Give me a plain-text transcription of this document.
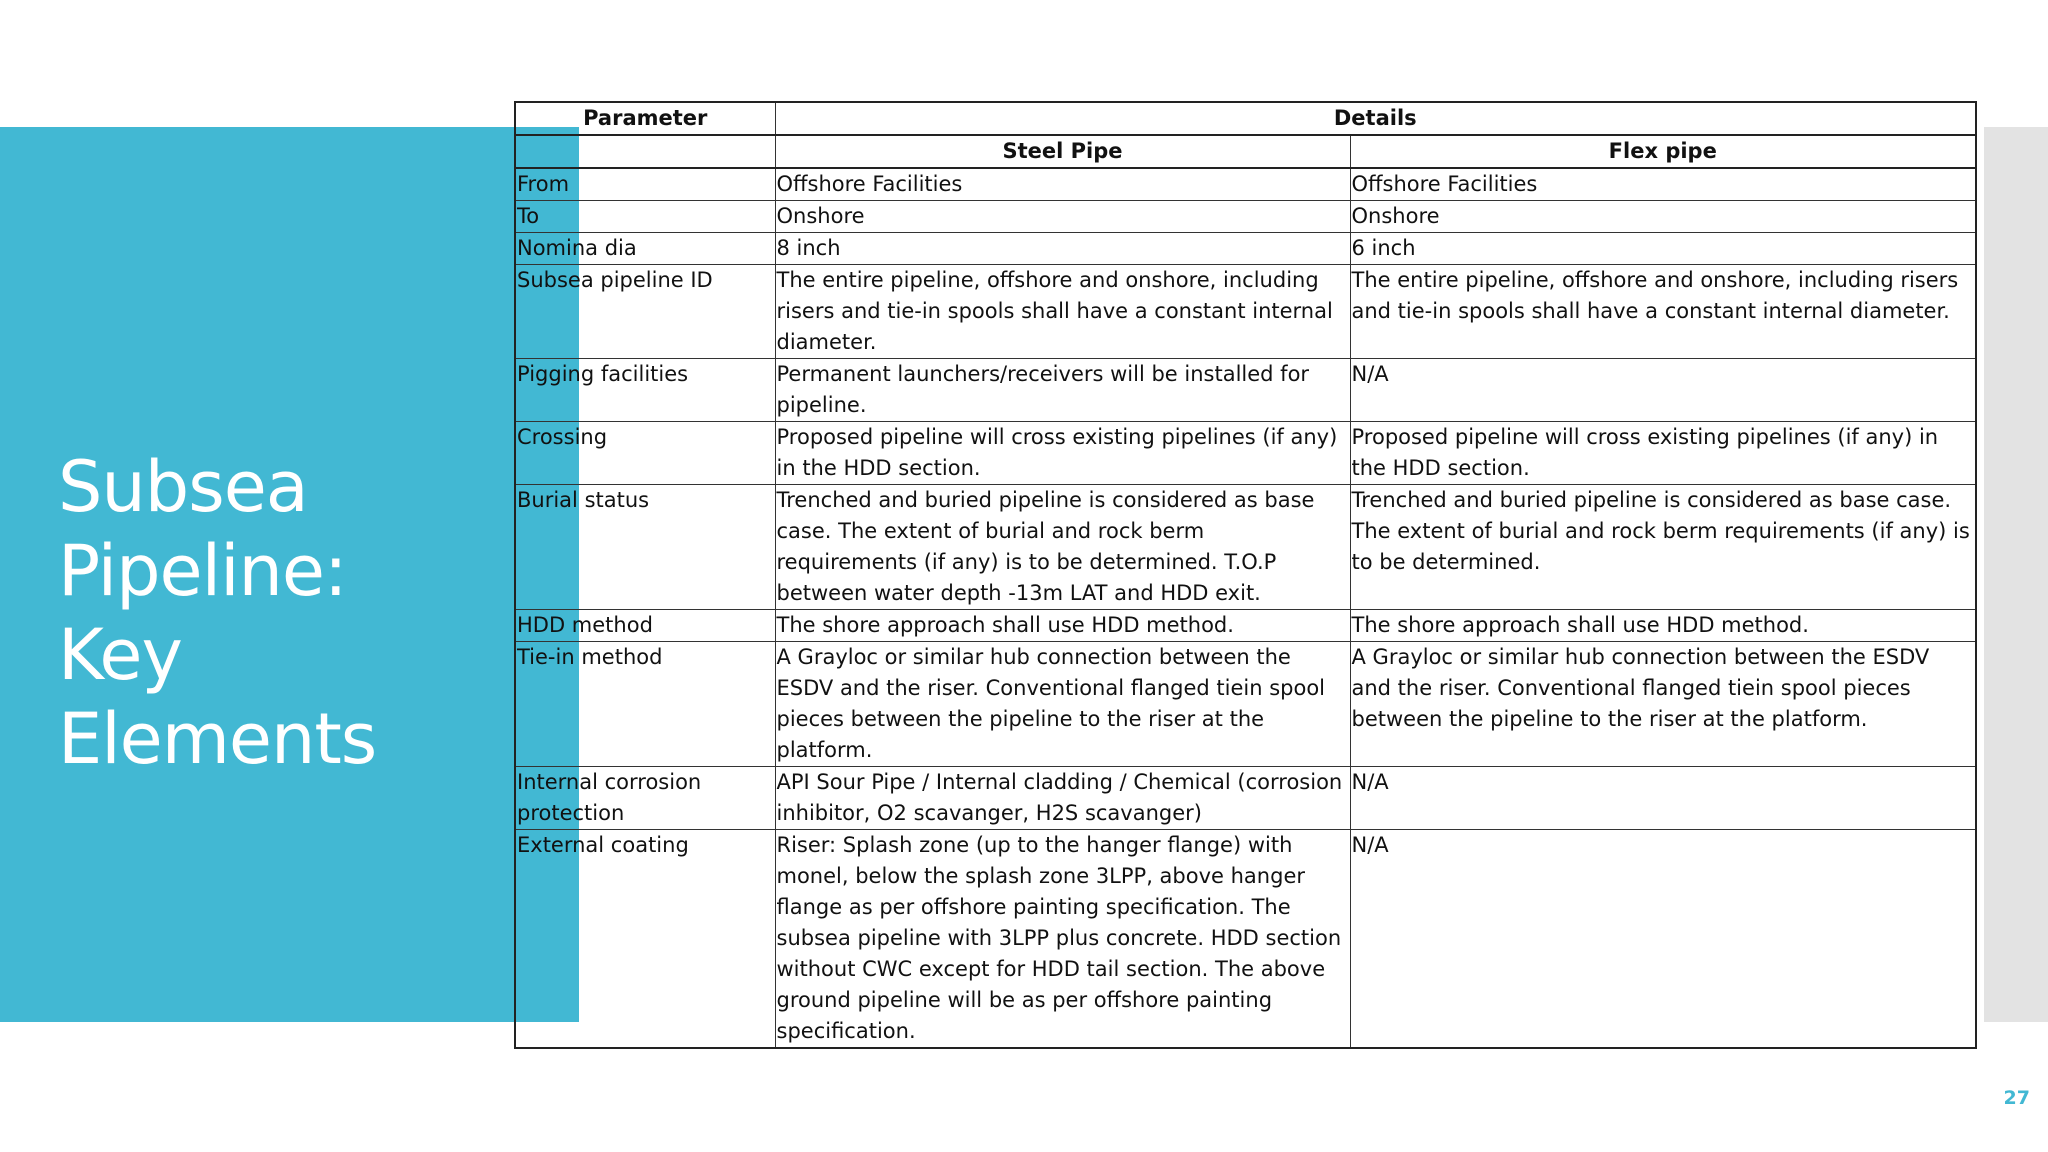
Subsea Pipeline: Key Elements
Parameter	Details	
	Steel Pipe	Flex pipe
From	Offshore Facilities	Offshore Facilities
To	Onshore	Onshore
Nomina dia	8 inch	6 inch
Subsea pipeline ID	The entire pipeline, offshore and onshore, including risers and tie-in spools shall have a constant internal diameter.	The entire pipeline, offshore and onshore, including risers and tie-in spools shall have a constant internal diameter.
Pigging facilities	Permanent launchers/receivers will be installed for pipeline.	N/A
Crossing	Proposed pipeline will cross existing pipelines (if any) in the HDD section.	Proposed pipeline will cross existing pipelines (if any) in the HDD section.
Burial status	Trenched and buried pipeline is considered as base case. The extent of burial and rock berm requirements (if any) is to be determined. T.O.P between water depth -13m LAT and HDD exit.	Trenched and buried pipeline is considered as base case. The extent of burial and rock berm requirements (if any) is to be determined.
HDD method	The shore approach shall use HDD method.	The shore approach shall use HDD method.
Tie-in method	A Grayloc or similar hub connection between the ESDV and the riser. Conventional flanged tiein spool pieces between the pipeline to the riser at the platform.	A Grayloc or similar hub connection between the ESDV and the riser. Conventional flanged tiein spool pieces between the pipeline to the riser at the platform.
Internal corrosion protection	API Sour Pipe / Internal cladding / Chemical (corrosion inhibitor, O2 scavanger, H2S scavanger)	N/A
External coating	Riser: Splash zone (up to the hanger flange) with monel, below the splash zone 3LPP, above hanger flange as per offshore painting specification. The subsea pipeline with 3LPP plus concrete. HDD section without CWC except for HDD tail section. The above ground pipeline will be as per offshore painting specification.	N/A
27
